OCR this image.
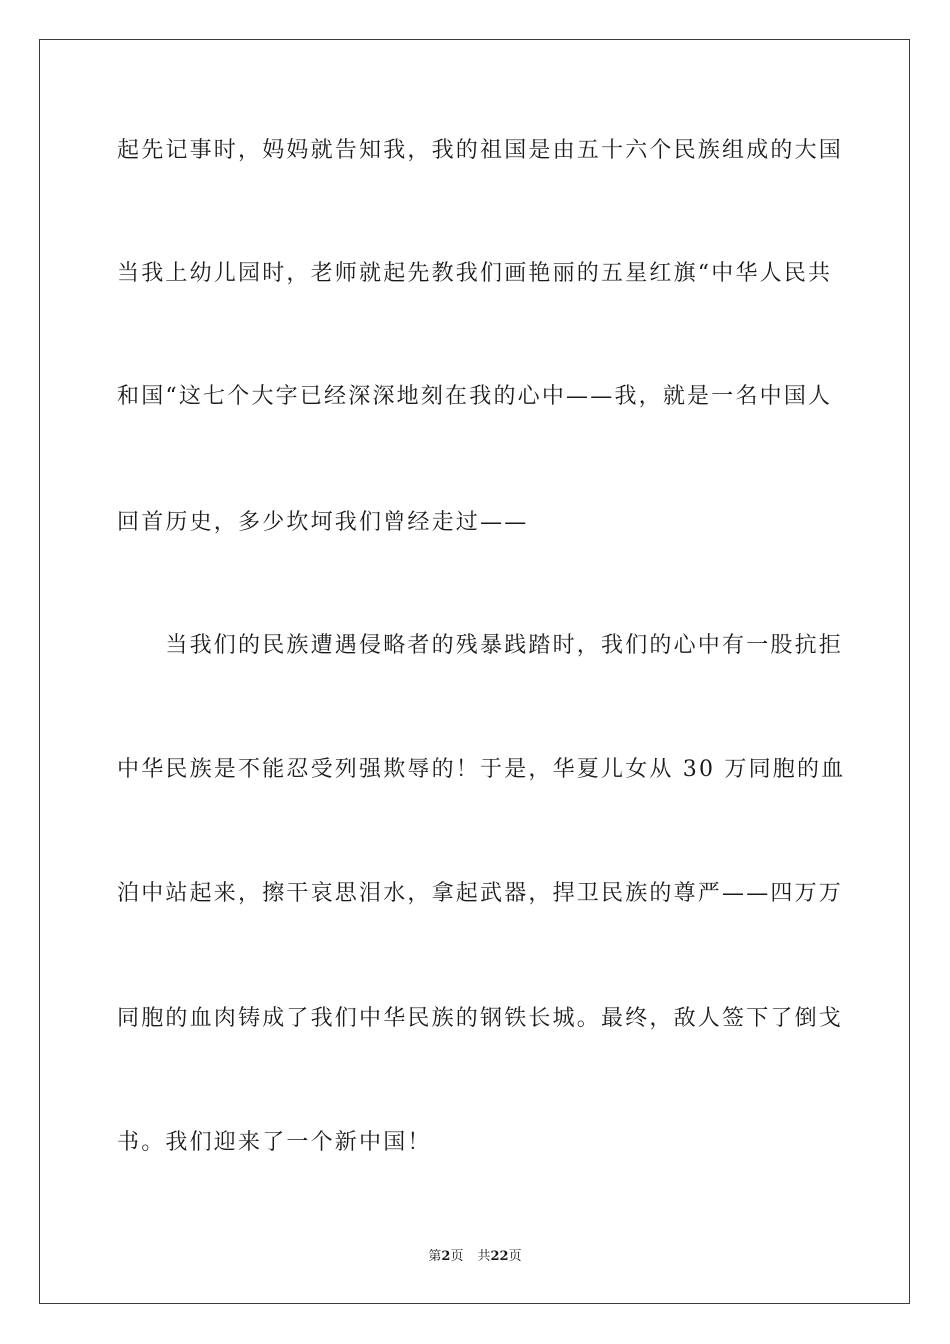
起先记事时，妈妈就告知我，我的祖国是由五十六个民族组成的大国
当我上幼儿园时，老师就起先教我们画艳丽的五星红旗“中华人民共
和国“这七个大字已经深深地刻在我的心中——我，就是一名中国人
回首历史，多少坎坷我们曾经走过——
　　当我们的民族遭遇侵略者的残暴践踏时，我们的心中有一股抗拒
中华民族是不能忍受列强欺辱的！于是，华夏儿女从 30 万同胞的血
泊中站起来，擦干哀思泪水，拿起武器，捍卫民族的尊严——四万万
同胞的血肉铸成了我们中华民族的钢铁长城。最终，敌人签下了倒戈
书。我们迎来了一个新中国！
第2页 共22页
